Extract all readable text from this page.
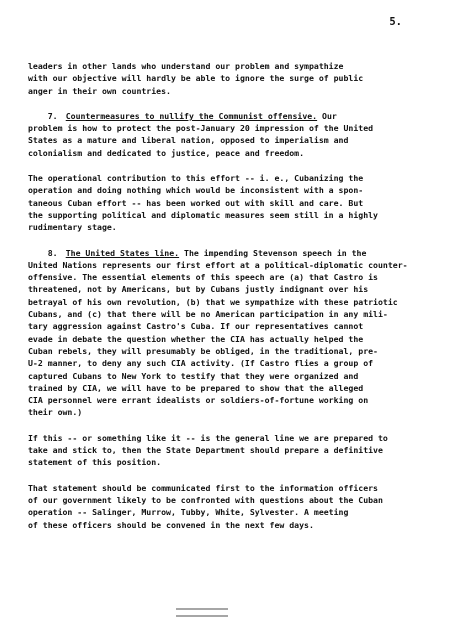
5.
leaders in other lands who understand our problem and sympathize
with our objective will hardly be able to ignore the surge of public
anger in their own countries.
7. Countermeasures to nullify the Communist offensive. Our
problem is how to protect the post-January 20 impression of the United
States as a mature and liberal nation, opposed to imperialism and
colonialism and dedicated to justice, peace and freedom.
The operational contribution to this effort -- i. e., Cubanizing the
operation and doing nothing which would be inconsistent with a spon-
taneous Cuban effort -- has been worked out with skill and care. But
the supporting political and diplomatic measures seem still in a highly
rudimentary stage.
8. The United States line. The impending Stevenson speech in the
United Nations represents our first effort at a political-diplomatic counter-
offensive. The essential elements of this speech are (a) that Castro is
threatened, not by Americans, but by Cubans justly indignant over his
betrayal of his own revolution, (b) that we sympathize with these patriotic
Cubans, and (c) that there will be no American participation in any mili-
tary aggression against Castro's Cuba. If our representatives cannot
evade in debate the question whether the CIA has actually helped the
Cuban rebels, they will presumably be obliged, in the traditional, pre-
U-2 manner, to deny any such CIA activity. (If Castro flies a group of
captured Cubans to New York to testify that they were organized and
trained by CIA, we will have to be prepared to show that the alleged
CIA personnel were errant idealists or soldiers-of-fortune working on
their own.)
If this -- or something like it -- is the general line we are prepared to
take and stick to, then the State Department should prepare a definitive
statement of this position.
That statement should be communicated first to the information officers
of our government likely to be confronted with questions about the Cuban
operation -- Salinger, Murrow, Tubby, White, Sylvester. A meeting
of these officers should be convened in the next few days.
